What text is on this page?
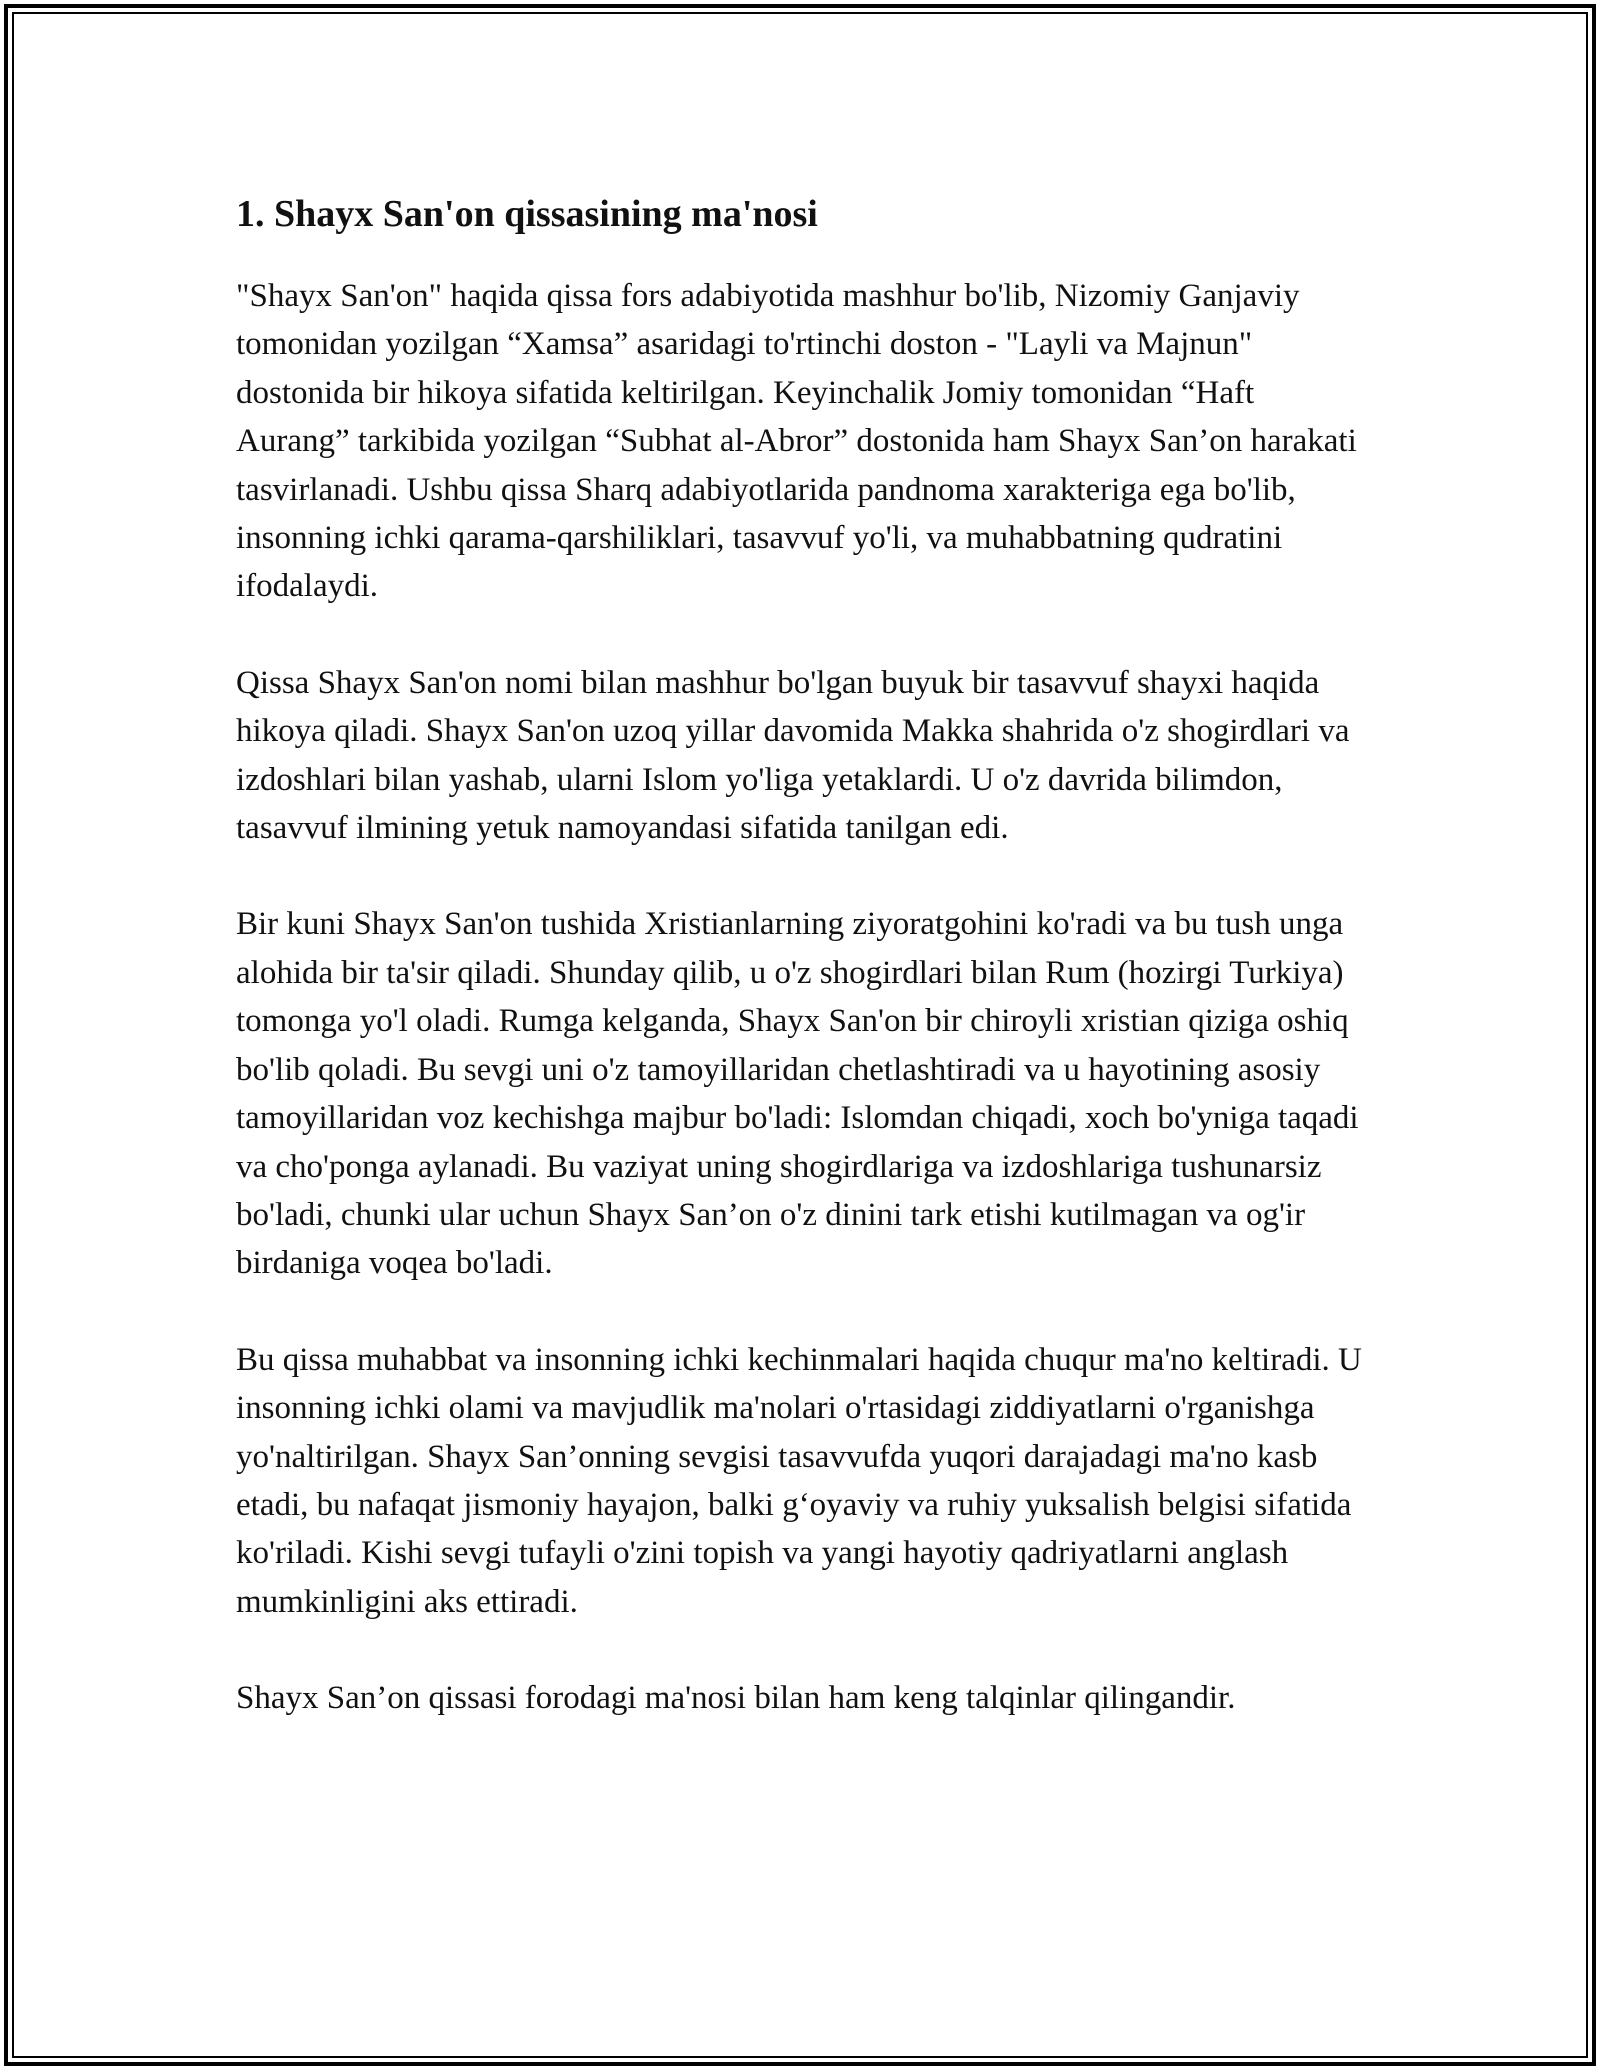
1. Shayx San'on qissasining ma'nosi

"Shayx San'on" haqida qissa fors adabiyotida mashhur bo'lib, Nizomiy Ganjaviy tomonidan yozilgan “Xamsa” asaridagi to'rtinchi doston - "Layli va Majnun" dostonida bir hikoya sifatida keltirilgan. Keyinchalik Jomiy tomonidan “Haft Aurang” tarkibida yozilgan “Subhat al-Abror” dostonida ham Shayx San’on harakati tasvirlanadi. Ushbu qissa Sharq adabiyotlarida pandnoma xarakteriga ega bo'lib, insonning ichki qarama-qarshiliklari, tasavvuf yo'li, va muhabbatning qudratini ifodalaydi.

Qissa Shayx San'on nomi bilan mashhur bo'lgan buyuk bir tasavvuf shayxi haqida hikoya qiladi. Shayx San'on uzoq yillar davomida Makka shahrida o'z shogirdlari va izdoshlari bilan yashab, ularni Islom yo'liga yetaklardi. U o'z davrida bilimdon, tasavvuf ilmining yetuk namoyandasi sifatida tanilgan edi.

Bir kuni Shayx San'on tushida Xristianlarning ziyoratgohini ko'radi va bu tush unga alohida bir ta'sir qiladi. Shunday qilib, u o'z shogirdlari bilan Rum (hozirgi Turkiya) tomonga yo'l oladi. Rumga kelganda, Shayx San'on bir chiroyli xristian qiziga oshiq bo'lib qoladi. Bu sevgi uni o'z tamoyillaridan chetlashtiradi va u hayotining asosiy tamoyillaridan voz kechishga majbur bo'ladi: Islomdan chiqadi, xoch bo'yniga taqadi va cho'ponga aylanadi. Bu vaziyat uning shogirdlariga va izdoshlariga tushunarsiz bo'ladi, chunki ular uchun Shayx San’on o'z dinini tark etishi kutilmagan va og'ir birdaniga voqea bo'ladi.

Bu qissa muhabbat va insonning ichki kechinmalari haqida chuqur ma'no keltiradi. U insonning ichki olami va mavjudlik ma'nolari o'rtasidagi ziddiyatlarni o'rganishga yo'naltirilgan. Shayx San’onning sevgisi tasavvufda yuqori darajadagi ma'no kasb etadi, bu nafaqat jismoniy hayajon, balki g‘oyaviy va ruhiy yuksalish belgisi sifatida ko'riladi. Kishi sevgi tufayli o'zini topish va yangi hayotiy qadriyatlarni anglash mumkinligini aks ettiradi.

Shayx San’on qissasi forodagi ma'nosi bilan ham keng talqinlar qilingandir.
